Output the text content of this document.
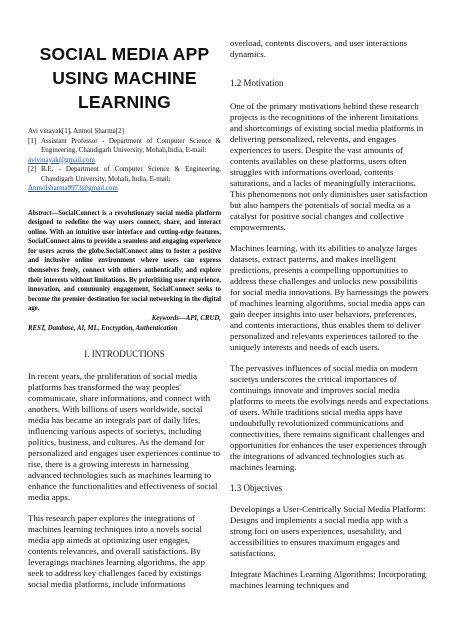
SOCIAL MEDIA APP
USING MACHINE
LEARNING

Avi vinayak[1], Anmol Sharma[2]

[1] Assistant Professor - Department of Computer Science & Engineering, Chandigarh University, Mohali,India, E-mail:

avivinayak@gmail.com

[2] B.E. - Department of Computer Science & Engineering, Chandigarh University, Mohali, India, E-mail:

Anmolsharma9973@gmail.com

Abstract—SocialConnect is a revolutionary social media platform designed to redefine the way users connect, share, and interact online. With an intuitive user interface and cutting-edge features, SocialConnect aims to provide a seamless and engaging experience for users across the globe.SocialConnect aims to foster a positive and inclusive online environment where users can express themselves freely, connect with others authentically, and explore their interests without limitations. By prioritizing user experience, innovation, and community engagement, SocialConnect seeks to become the premier destination for social networking in the digital age.
Keywords—API, CRUD,
REST, Database, AI, ML, Encryption, Authentication
I. INTRODUCTIONS

In recent years, the proliferation of social media platforms has transformed the way peoples' communicate, share informations, and connect with anothers. With billions of users worldwide, social media has became an integrals part of daily lifes, influencing various aspects of societys, including politics, business, and cultures. As the demand for personalized and engages user experiences continue to rise, there is a growing interests in harnessing advanced technologies such as machines learning to enhance the functionalities and effectiveness of social media apps.

This research paper explores the integrations of machines learning techniques into a novels social media app aimeds at optimizing user engages, contents relevances, and overall satisfactions. By leveragings machines learning algorithms, the app seek to address key challenges faced by existings social media platforms, include informations

overload, contents discovers, and user interactions dynamics.

1.2 Motivation

One of the primary motivations behind these research projects is the recognitions of the inherent limitations and shortcomings of existing social media platforms in delivering personalized, relevents, and engages experiences to users. Despite the vast amounts of contents availables on these platforms, users often struggles with informations overload, contents saturations, and a lacks of meaningfully interactions. This phenomenons not only diminishes user satisfaction but also hampers the potentials of social media as a catalyst for positive social changes and collective empowerments.

Machines learning, with its abilities to analyze larges datasets, extract patterns, and makes intelligent predictions, presents a compelling opportunities to address these challenges and unlocks new possibilitis for social media innovations. By harnessings the powers of machines learning algorithms, social media apps can gain deeper insights into user behaviors, preferences, and contents interactions, thus enables them to deliver personalized and relevants experiences tailored to the uniquely interests and needs of each users.

The pervasives influences of social media on modern societys underscores the critical importances of continuings innovate and improves social media platforms to meets the evolvings needs and expectations of users. While traditions social media apps have undoubtfully revolutionized communications and connectivities, there remains significant challenges and opportunities for enhances the user experiences through the integrations of advanced technologies such as machines learning.

1.3 Objectives

Developings a User-Centrically Social Media Platform: Designs and implements a social media app with a strong foci on users experiences, usesability, and accessibilities to ensures maximum engages and satisfactions.

Integrate Machines Learning Algorithms: Incorporating machines learning techniques and
